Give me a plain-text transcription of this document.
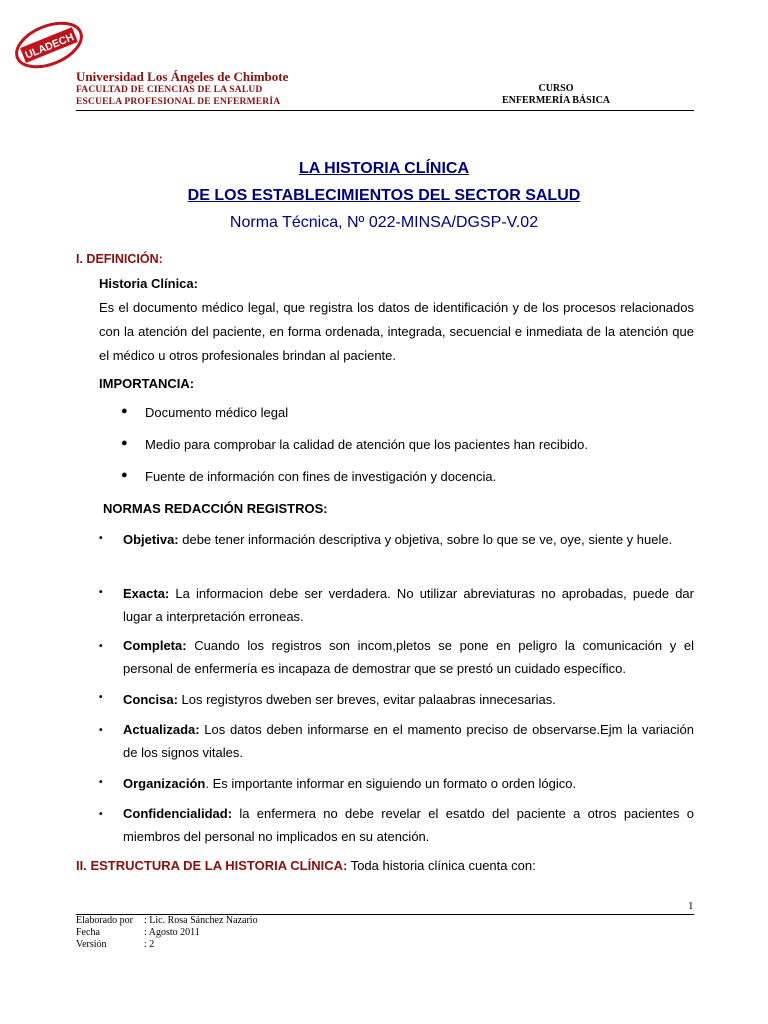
ULADECH
Universidad Los Ángeles de Chimbote
FACULTAD DE CIENCIAS DE LA SALUD
ESCUELA PROFESIONAL DE ENFERMERÍA
CURSO
ENFERMERÍA BÁSICA
LA HISTORIA CLÍNICA
DE LOS ESTABLECIMIENTOS DEL SECTOR SALUD
Norma Técnica, Nº 022-MINSA/DGSP-V.02
I. DEFINICIÓN:
Historia Clínica:
Es el documento médico legal, que registra los datos de identificación y de los procesos relacionados con la atención del paciente, en forma ordenada, integrada, secuencial e inmediata de la atención que el médico u otros profesionales brindan al paciente.
IMPORTANCIA:
● Documento médico legal
● Medio para comprobar la calidad de atención que los pacientes han recibido.
● Fuente de información con fines de investigación y docencia.
NORMAS REDACCIÓN REGISTROS:
• Objetiva: debe tener información descriptiva y objetiva, sobre lo que se ve, oye, siente y huele.
• Exacta: La informacion debe ser verdadera. No utilizar abreviaturas no aprobadas, puede dar lugar a interpretación erroneas.
• Completa: Cuando los registros son incom,pletos se pone en peligro la comunicación y el personal de enfermería es incapaza de demostrar que se prestó un cuidado específico.
• Concisa: Los registyros dweben ser breves, evitar palaabras innecesarias.
• Actualizada: Los datos deben informarse en el mamento preciso de observarse.Ejm la variación de los signos vitales.
• Organización. Es importante informar en siguiendo un formato o orden lógico.
• Confidencialidad: la enfermera no debe revelar el esatdo del paciente a otros pacientes o miembros del personal no implicados en su atención.
II. ESTRUCTURA DE LA HISTORIA CLÍNICA: Toda historia clínica cuenta con:
1
Elaborado por	: Lic. Rosa Sánchez Nazario
Fecha	: Agosto 2011
Versión	: 2
